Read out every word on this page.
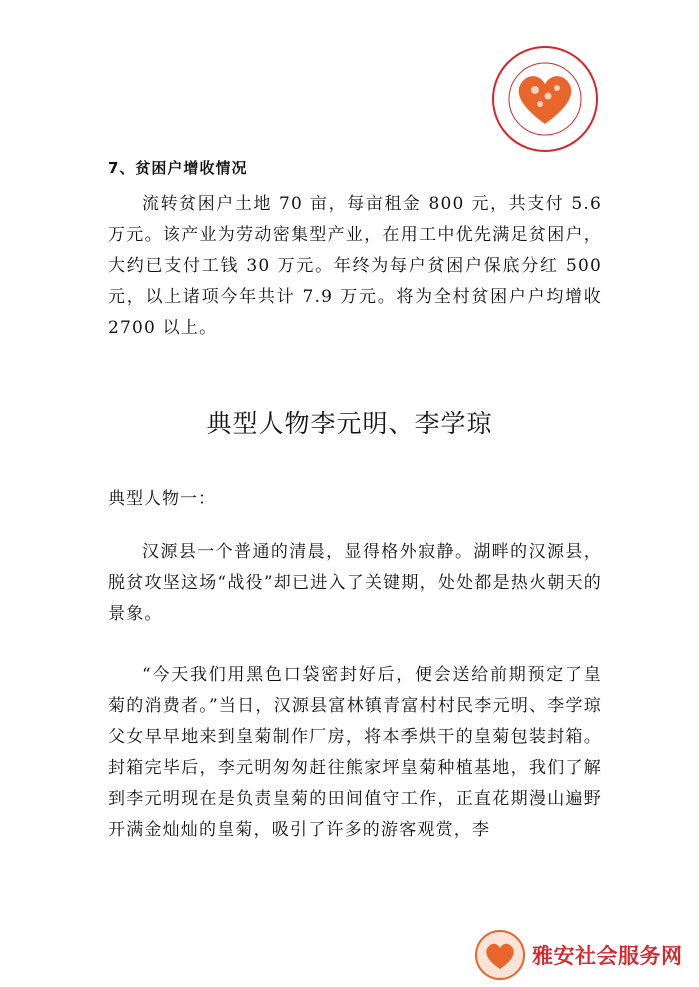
7、贫困户增收情况

流转贫困户土地 70 亩，每亩租金 800 元，共支付 5.6 万元。该产业为劳动密集型产业，在用工中优先满足贫困户，大约已支付工钱 30 万元。年终为每户贫困户保底分红 500 元，以上诸项今年共计 7.9 万元。将为全村贫困户户均增收 2700 以上。

典型人物李元明、李学琼
典型人物一：

汉源县一个普通的清晨，显得格外寂静。湖畔的汉源县，脱贫攻坚这场“战役”却已进入了关键期，处处都是热火朝天的景象。

“今天我们用黑色口袋密封好后，便会送给前期预定了皇菊的消费者。”当日，汉源县富林镇青富村村民李元明、李学琼父女早早地来到皇菊制作厂房，将本季烘干的皇菊包装封箱。封箱完毕后，李元明匆匆赶往熊家坪皇菊种植基地，我们了解到李元明现在是负责皇菊的田间值守工作，正直花期漫山遍野开满金灿灿的皇菊，吸引了许多的游客观赏，李

雅安社会服务网
